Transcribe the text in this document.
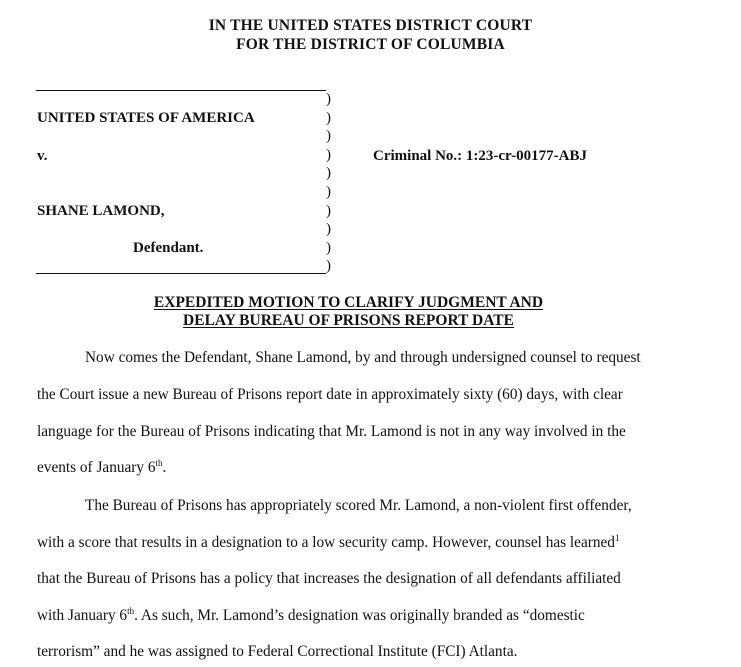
IN THE UNITED STATES DISTRICT COURT
FOR THE DISTRICT OF COLUMBIA
)
)
)
)
)
)
)
)
)
)
UNITED STATES OF AMERICA
v.
SHANE LAMOND,
Defendant.
Criminal No.: 1:23-cr-00177-ABJ
EXPEDITED MOTION TO CLARIFY JUDGMENT AND
DELAY BUREAU OF PRISONS REPORT DATE
Now comes the Defendant, Shane Lamond, by and through undersigned counsel to request
the Court issue a new Bureau of Prisons report date in approximately sixty (60) days, with clear
language for the Bureau of Prisons indicating that Mr. Lamond is not in any way involved in the
events of January 6th.
The Bureau of Prisons has appropriately scored Mr. Lamond, a non-violent first offender,
with a score that results in a designation to a low security camp. However, counsel has learned$^1$
that the Bureau of Prisons has a policy that increases the designation of all defendants affiliated
with January 6th. As such, Mr. Lamond’s designation was originally branded as “domestic
terrorism” and he was assigned to Federal Correctional Institute (FCI) Atlanta.
